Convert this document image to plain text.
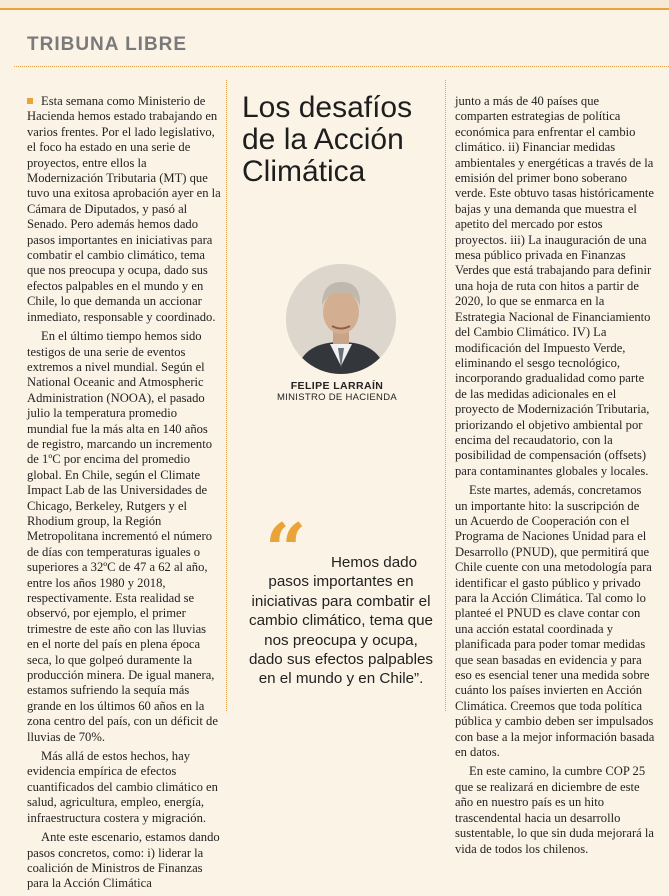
TRIBUNA LIBRE

Esta semana como Ministerio de Hacienda hemos estado trabajando en varios frentes. Por el lado legislativo, el foco ha estado en una serie de proyectos, entre ellos la Modernización Tributaria (MT) que tuvo una exitosa aprobación ayer en la Cámara de Diputados, y pasó al Senado. Pero además hemos dado pasos importantes en iniciativas para combatir el cambio climático, tema que nos preocupa y ocupa, dado sus efectos palpables en el mundo y en Chile, lo que demanda un accionar inmediato, responsable y coordinado.

En el último tiempo hemos sido testigos de una serie de eventos extremos a nivel mundial. Según el National Oceanic and Atmospheric Administration (NOOA), el pasado julio la temperatura promedio mundial fue la más alta en 140 años de registro, marcando un incremento de 1ºC por encima del promedio global. En Chile, según el Climate Impact Lab de las Universidades de Chicago, Berkeley, Rutgers y el Rhodium group, la Región Metropolitana incrementó el número de días con temperaturas iguales o superiores a 32ºC de 47 a 62 al año, entre los años 1980 y 2018, respectivamente. Esta realidad se observó, por ejemplo, el primer trimestre de este año con las lluvias en el norte del país en plena época seca, lo que golpeó duramente la producción minera. De igual manera, estamos sufriendo la sequía más grande en los últimos 60 años en la zona centro del país, con un déficit de lluvias de 70%.

Más allá de estos hechos, hay evidencia empírica de efectos cuantificados del cambio climático en salud, agricultura, empleo, energía, infraestructura costera y migración.

Ante este escenario, estamos dando pasos concretos, como: i) liderar la coalición de Ministros de Finanzas para la Acción Climática

Los desafíos de la Acción Climática
FELIPE LARRAÍN
MINISTRO DE HACIENDA
“	Hemos dado pasos importantes en iniciativas para combatir el cambio climático, tema que nos preocupa y ocupa, dado sus efectos palpables en el mundo y en Chile”.

junto a más de 40 países que comparten estrategias de política económica para enfrentar el cambio climático. ii) Financiar medidas ambientales y energéticas a través de la emisión del primer bono soberano verde. Este obtuvo tasas históricamente bajas y una demanda que muestra el apetito del mercado por estos proyectos. iii) La inauguración de una mesa público privada en Finanzas Verdes que está trabajando para definir una hoja de ruta con hitos a partir de 2020, lo que se enmarca en la Estrategia Nacional de Financiamiento del Cambio Climático. IV) La modificación del Impuesto Verde, eliminando el sesgo tecnológico, incorporando gradualidad como parte de las medidas adicionales en el proyecto de Modernización Tributaria, priorizando el objetivo ambiental por encima del recaudatorio, con la posibilidad de compensación (offsets) para contaminantes globales y locales.

Este martes, además, concretamos un importante hito: la suscripción de un Acuerdo de Cooperación con el Programa de Naciones Unidad para el Desarrollo (PNUD), que permitirá que Chile cuente con una metodología para identificar el gasto público y privado para la Acción Climática. Tal como lo planteé el PNUD es clave contar con una acción estatal coordinada y planificada para poder tomar medidas que sean basadas en evidencia y para eso es esencial tener una medida sobre cuánto los países invierten en Acción Climática. Creemos que toda política pública y cambio deben ser impulsados con base a la mejor información basada en datos.

En este camino, la cumbre COP 25 que se realizará en diciembre de este año en nuestro país es un hito trascendental hacia un desarrollo sustentable, lo que sin duda mejorará la vida de todos los chilenos.
